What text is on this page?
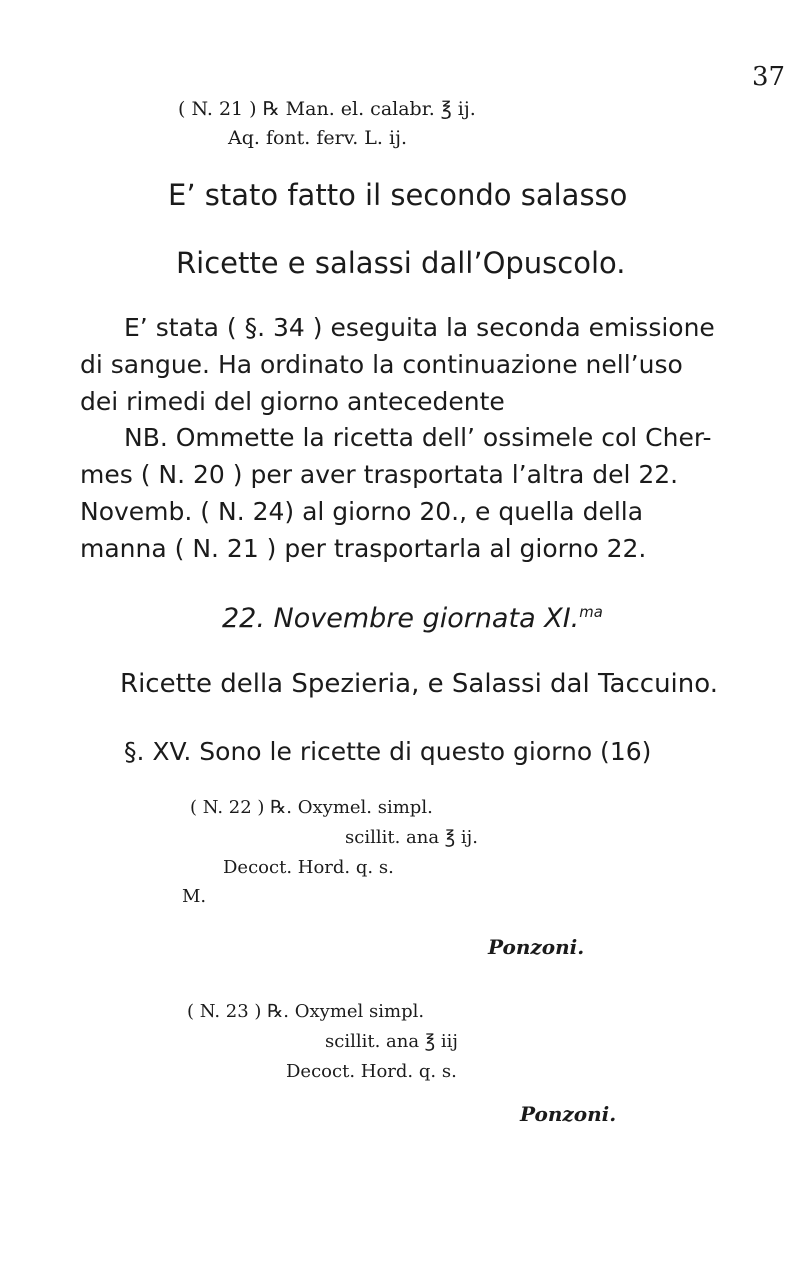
37
( N. 21 ) ℞ Man. el. calabr. ℥ ij.
Aq. font. ferv. L. ij.
E’ stato fatto il secondo salasso
Ricette e salassi dall’Opuscolo.
E’ stata ( §. 34 ) eseguita la seconda emissione
di sangue. Ha ordinato la continuazione nell’uso
dei rimedi del giorno antecedente
NB. Ommette la ricetta dell’ ossimele col Cher-
mes ( N. 20 ) per aver trasportata l’altra del 22.
Novemb. ( N. 24) al giorno 20., e quella della
manna ( N. 21 ) per trasportarla al giorno 22.
22. Novembre giornata XI.$^{ma}$
Ricette della Spezieria, e Salassi dal Taccuino.
§. XV. Sono le ricette di questo giorno (16)
( N. 22 ) ℞. Oxymel. simpl.
scillit. ana ℥ ij.
Decoct. Hord. q. s.
M.
Ponzoni.
( N. 23 ) ℞. Oxymel simpl.
scillit. ana ℥ iij
Decoct. Hord. q. s.
Ponzoni.
